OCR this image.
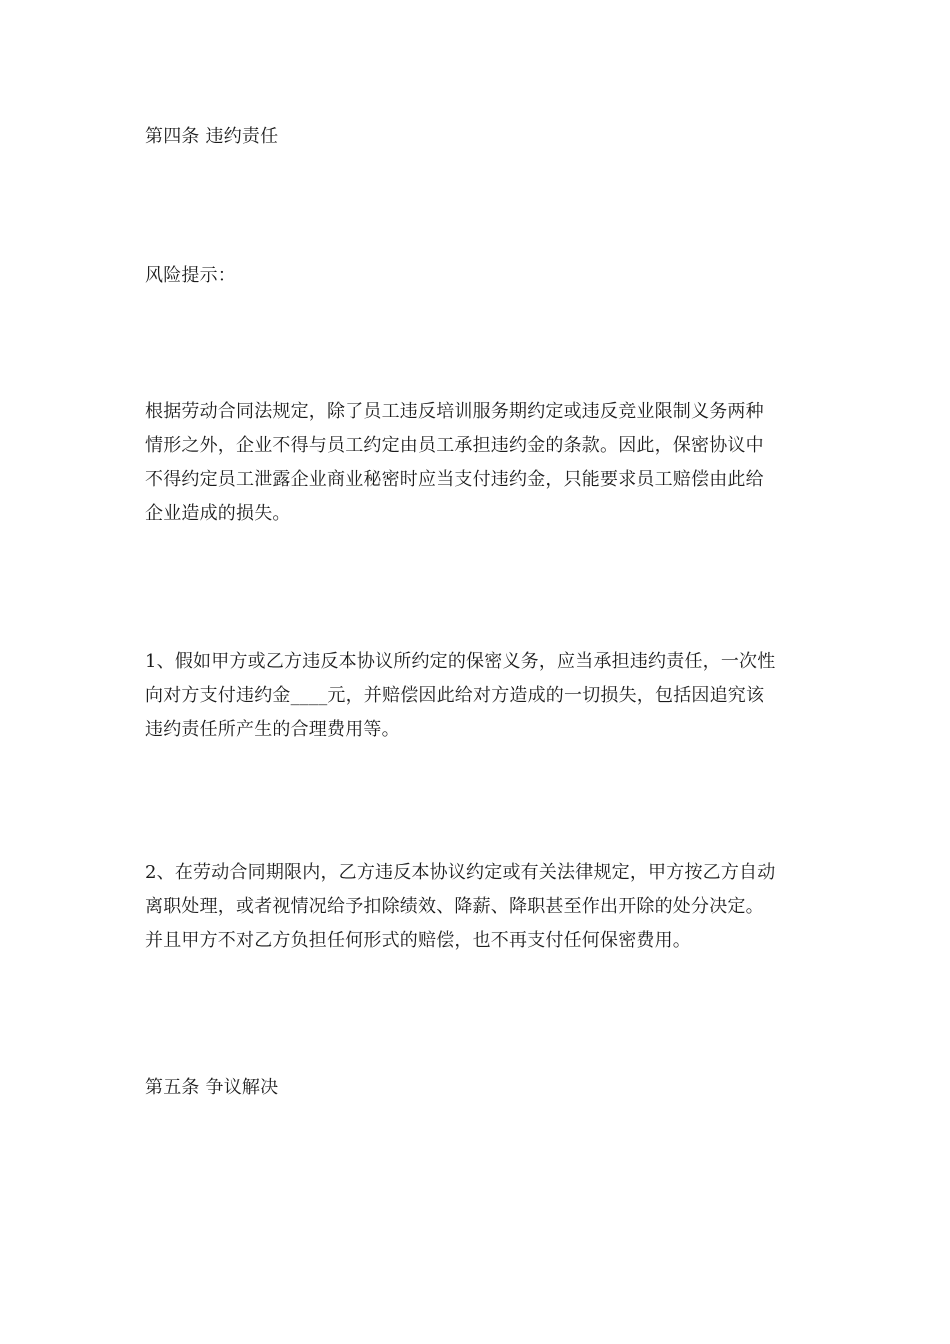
第四条 违约责任

风险提示：

根据劳动合同法规定，除了员工违反培训服务期约定或违反竞业限制义务两种
情形之外，企业不得与员工约定由员工承担违约金的条款。因此，保密协议中
不得约定员工泄露企业商业秘密时应当支付违约金，只能要求员工赔偿由此给
企业造成的损失。

1、假如甲方或乙方违反本协议所约定的保密义务，应当承担违约责任，一次性
向对方支付违约金____元，并赔偿因此给对方造成的一切损失，包括因追究该
违约责任所产生的合理费用等。

2、在劳动合同期限内，乙方违反本协议约定或有关法律规定，甲方按乙方自动
离职处理，或者视情况给予扣除绩效、降薪、降职甚至作出开除的处分决定。
并且甲方不对乙方负担任何形式的赔偿，也不再支付任何保密费用。

第五条 争议解决
